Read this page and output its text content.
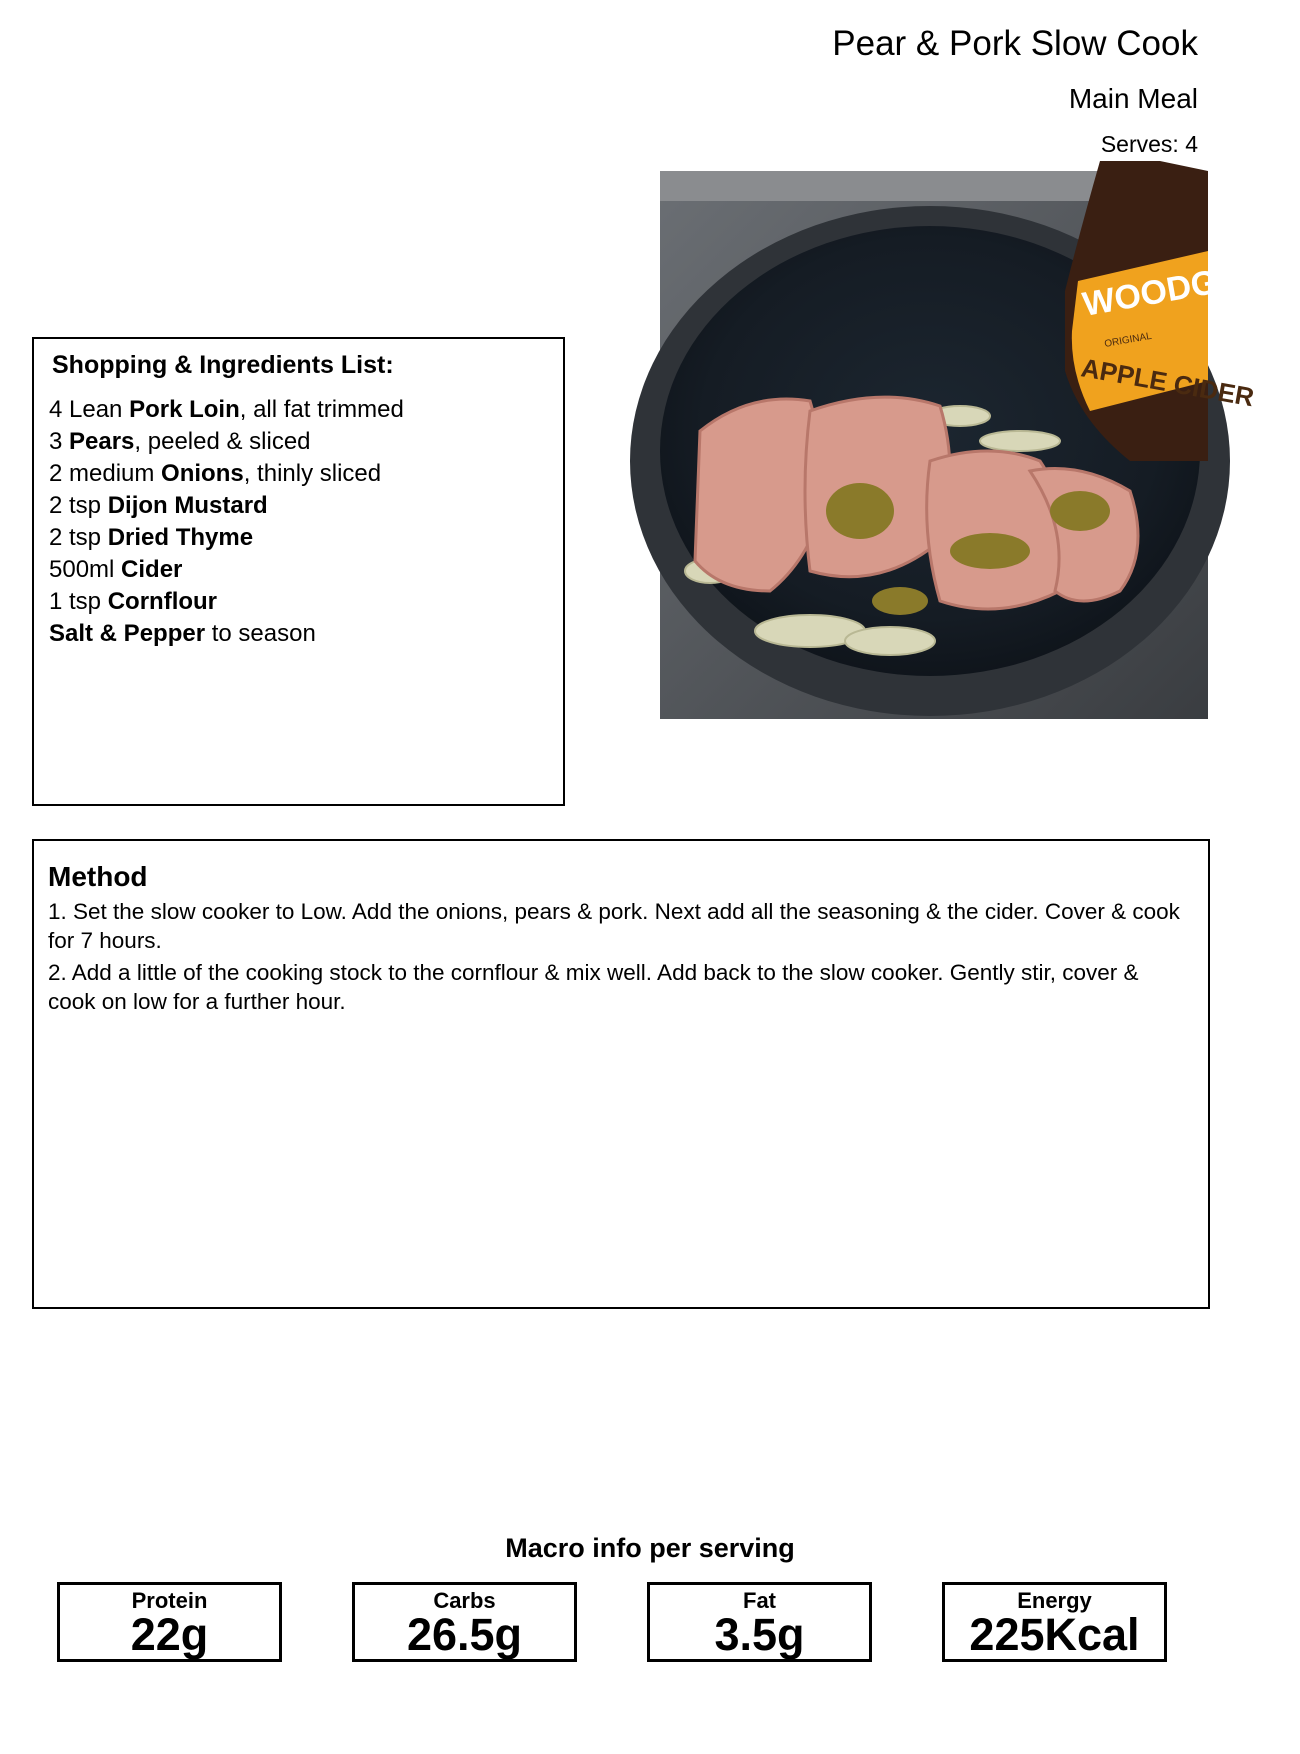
Pear & Pork Slow Cook
Main Meal
Serves: 4
WOODGA
ORIGINAL
APPLE CIDER
Shopping & Ingredients List:
4 Lean Pork Loin, all fat trimmed
3 Pears, peeled & sliced
2 medium Onions, thinly sliced
2 tsp Dijon Mustard
2 tsp Dried Thyme
500ml Cider
1 tsp Cornflour
Salt & Pepper to season
Method
1. Set the slow cooker to Low. Add the onions, pears & pork. Next add all the seasoning & the cider. Cover & cook for 7 hours.
2. Add a little of the cooking stock to the cornflour & mix well. Add back to the slow cooker. Gently stir, cover & cook on low for a further hour.
Macro info per serving
Protein
22g
Carbs
26.5g
Fat
3.5g
Energy
225Kcal
